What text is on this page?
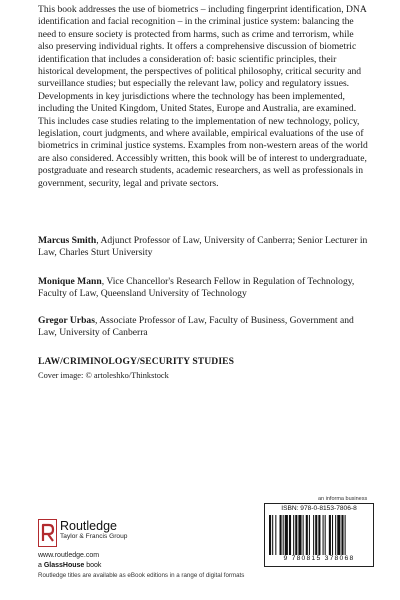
This book addresses the use of biometrics – including fingerprint identification, DNA identification and facial recognition – in the criminal justice system: balancing the need to ensure society is protected from harms, such as crime and terrorism, while also preserving individual rights. It offers a comprehensive discussion of biometric identification that includes a consideration of: basic scientific principles, their historical development, the perspectives of political philosophy, critical security and surveillance studies; but especially the relevant law, policy and regulatory issues. Developments in key jurisdictions where the technology has been implemented, including the United Kingdom, United States, Europe and Australia, are examined. This includes case studies relating to the implementation of new technology, policy, legislation, court judgments, and where available, empirical evaluations of the use of biometrics in criminal justice systems. Examples from non-western areas of the world are also considered. Accessibly written, this book will be of interest to undergraduate, postgraduate and research students, academic researchers, as well as professionals in government, security, legal and private sectors.

Marcus Smith, Adjunct Professor of Law, University of Canberra; Senior Lecturer in Law, Charles Sturt University

Monique Mann, Vice Chancellor's Research Fellow in Regulation of Technology, Faculty of Law, Queensland University of Technology

Gregor Urbas, Associate Professor of Law, Faculty of Business, Government and Law, University of Canberra

LAW/CRIMINOLOGY/SECURITY STUDIES

Cover image: © artoleshko/Thinkstock

Routledge
Taylor & Francis Group
www.routledge.com
a GlassHouse book
Routledge titles are available as eBook editions in a range of digital formats
an informa business
ISBN: 978-0-8153-7806-8
9 780815 378068
